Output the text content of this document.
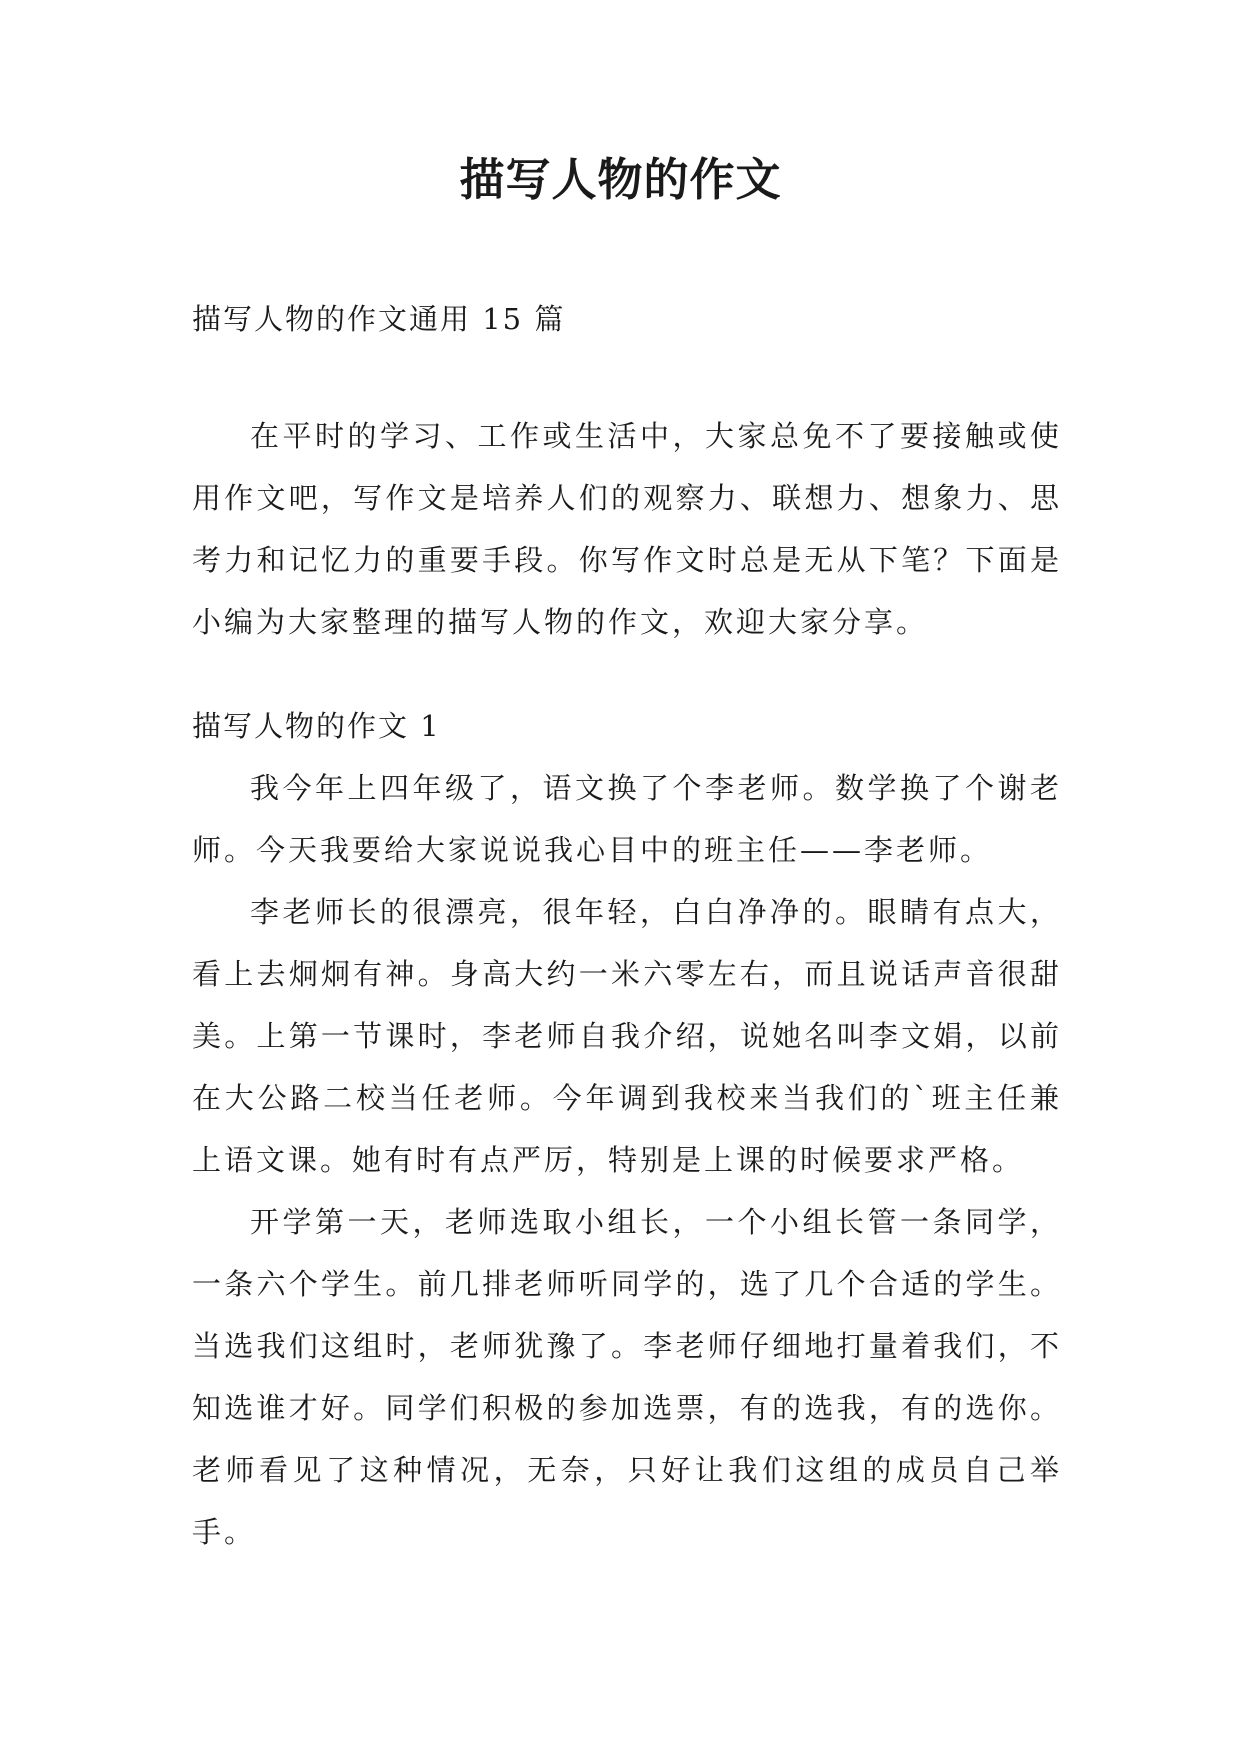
描写人物的作文

描写人物的作文通用 15 篇

在平时的学习、工作或生活中，大家总免不了要接触或使用作文吧，写作文是培养人们的观察力、联想力、想象力、思考力和记忆力的重要手段。你写作文时总是无从下笔？下面是小编为大家整理的描写人物的作文，欢迎大家分享。

描写人物的作文 1

我今年上四年级了，语文换了个李老师。数学换了个谢老师。今天我要给大家说说我心目中的班主任——李老师。

李老师长的很漂亮，很年轻，白白净净的。眼睛有点大，看上去炯炯有神。身高大约一米六零左右，而且说话声音很甜美。上第一节课时，李老师自我介绍，说她名叫李文娟，以前在大公路二校当任老师。今年调到我校来当我们的`班主任兼上语文课。她有时有点严厉，特别是上课的时候要求严格。

开学第一天，老师选取小组长，一个小组长管一条同学，一条六个学生。前几排老师听同学的，选了几个合适的学生。当选我们这组时，老师犹豫了。李老师仔细地打量着我们，不知选谁才好。同学们积极的参加选票，有的选我，有的选你。老师看见了这种情况，无奈，只好让我们这组的成员自己举手。
